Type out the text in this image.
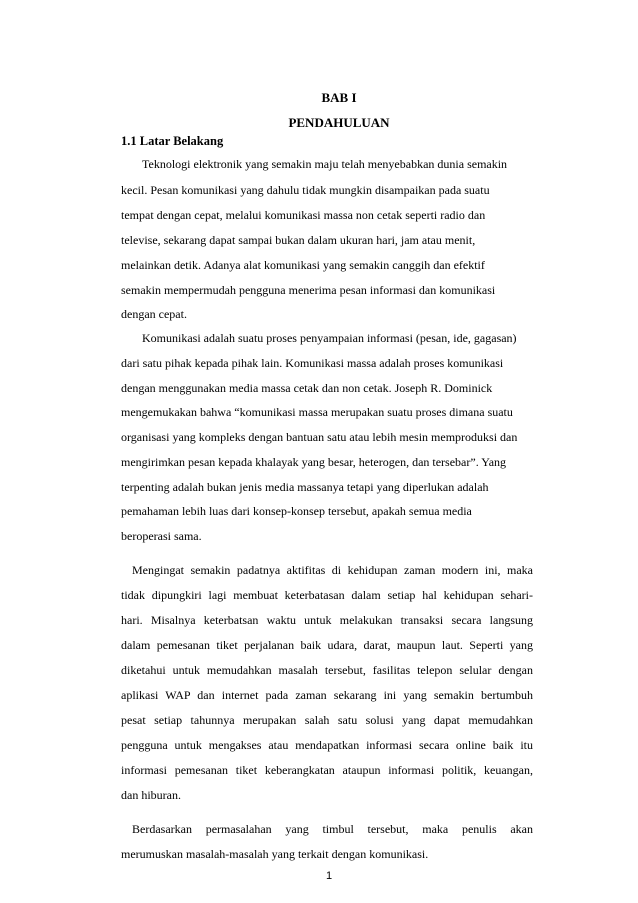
BAB I
PENDAHULUAN
1.1 Latar Belakang
Teknologi elektronik yang semakin maju telah menyebabkan dunia semakin
kecil. Pesan komunikasi yang dahulu tidak mungkin disampaikan pada suatu
tempat dengan cepat, melalui komunikasi massa non cetak seperti radio dan
televise, sekarang dapat sampai bukan dalam ukuran hari, jam atau menit,
melainkan detik. Adanya alat komunikasi yang semakin canggih dan efektif
semakin mempermudah pengguna menerima pesan informasi dan komunikasi
dengan cepat.
Komunikasi adalah suatu proses penyampaian informasi (pesan, ide, gagasan)
dari satu pihak kepada pihak lain. Komunikasi massa adalah proses komunikasi
dengan menggunakan media massa cetak dan non cetak. Joseph R. Dominick
mengemukakan bahwa “komunikasi massa merupakan suatu proses dimana suatu
organisasi yang kompleks dengan bantuan satu atau lebih mesin memproduksi dan
mengirimkan pesan kepada khalayak yang besar, heterogen, dan tersebar”. Yang
terpenting adalah bukan jenis media massanya tetapi yang diperlukan adalah
pemahaman lebih luas dari konsep-konsep tersebut, apakah semua media
beroperasi sama.
Mengingat semakin padatnya aktifitas di kehidupan zaman modern ini, maka
tidak dipungkiri lagi membuat keterbatasan dalam setiap hal kehidupan sehari-
hari. Misalnya keterbatsan waktu untuk melakukan transaksi secara langsung
dalam pemesanan tiket perjalanan baik udara, darat, maupun laut. Seperti yang
diketahui untuk memudahkan masalah tersebut, fasilitas telepon selular dengan
aplikasi WAP dan internet pada zaman sekarang ini yang semakin bertumbuh
pesat setiap tahunnya merupakan salah satu solusi yang dapat memudahkan
pengguna untuk mengakses atau mendapatkan informasi secara online baik itu
informasi pemesanan tiket keberangkatan ataupun informasi politik, keuangan,
dan hiburan.
Berdasarkan permasalahan yang timbul tersebut, maka penulis akan
merumuskan masalah-masalah yang terkait dengan komunikasi.
1
